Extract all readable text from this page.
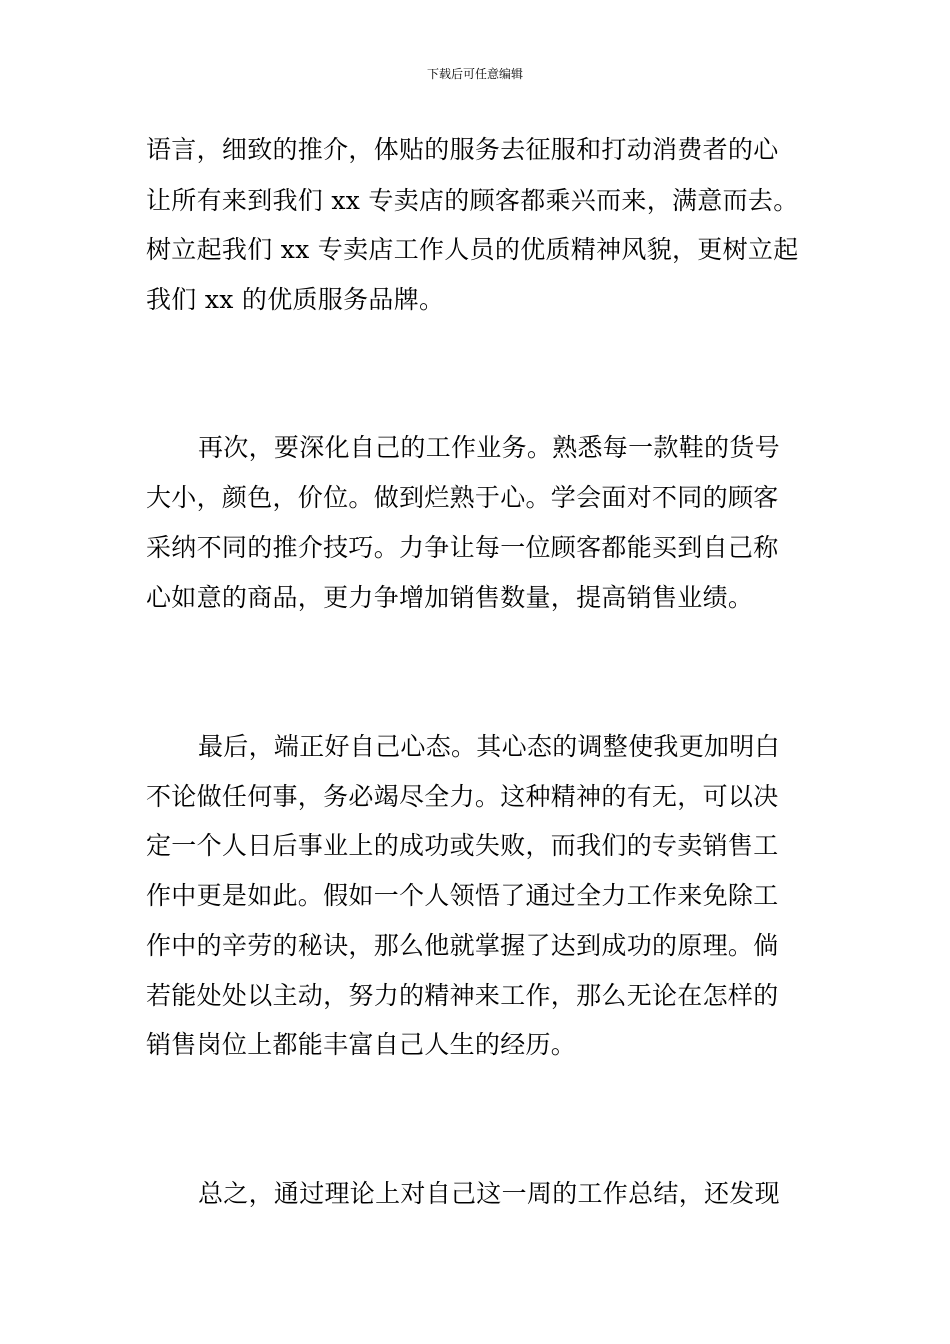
下载后可任意编辑
语言，细致的推介，体贴的服务去征服和打动消费者的心
让所有来到我们 xx 专卖店的顾客都乘兴而来，满意而去。
树立起我们 xx 专卖店工作人员的优质精神风貌，更树立起
我们 xx 的优质服务品牌。
再次，要深化自己的工作业务。熟悉每一款鞋的货号
大小，颜色，价位。做到烂熟于心。学会面对不同的顾客
采纳不同的推介技巧。力争让每一位顾客都能买到自己称
心如意的商品，更力争增加销售数量，提高销售业绩。
最后，端正好自己心态。其心态的调整使我更加明白
不论做任何事，务必竭尽全力。这种精神的有无，可以决
定一个人日后事业上的成功或失败，而我们的专卖销售工
作中更是如此。假如一个人领悟了通过全力工作来免除工
作中的辛劳的秘诀，那么他就掌握了达到成功的原理。倘
若能处处以主动，努力的精神来工作，那么无论在怎样的
销售岗位上都能丰富自己人生的经历。
总之，通过理论上对自己这一周的工作总结，还发现
